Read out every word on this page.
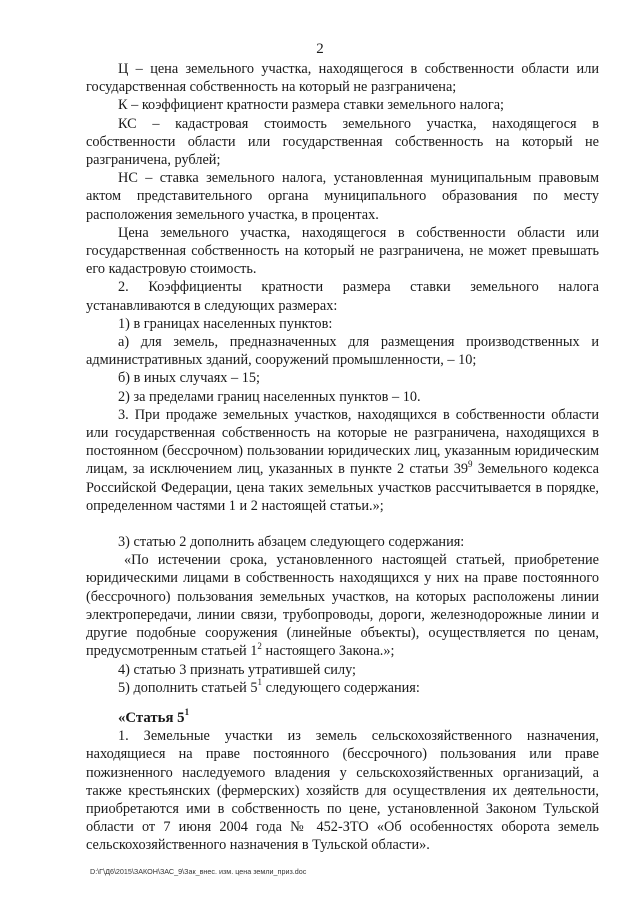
2

Ц – цена земельного участка, находящегося в собственности области или государственная собственность на который не разграничена;

К – коэффициент кратности размера ставки земельного налога;

КС – кадастровая стоимость земельного участка, находящегося в собственности области или государственная собственность на который не разграничена, рублей;

НС – ставка земельного налога, установленная муниципальным правовым актом представительного органа муниципального образования по месту расположения земельного участка, в процентах.

Цена земельного участка, находящегося в собственности области или государственная собственность на который не разграничена, не может превышать его кадастровую стоимость.

2. Коэффициенты кратности размера ставки земельного налога устанавливаются в следующих размерах:

1) в границах населенных пунктов:

а) для земель, предназначенных для размещения производственных и административных зданий, сооружений промышленности, – 10;

б) в иных случаях – 15;

2) за пределами границ населенных пунктов – 10.

3. При продаже земельных участков, находящихся в собственности области или государственная собственность на которые не разграничена, находящихся в постоянном (бессрочном) пользовании юридических лиц, указанным юридическим лицам, за исключением лиц, указанных в пункте 2 статьи $39^9$ Земельного кодекса Российской Федерации, цена таких земельных участков рассчитывается в порядке, определенном частями 1 и 2 настоящей статьи.»;

3) статью 2 дополнить абзацем следующего содержания:

«По истечении срока, установленного настоящей статьей, приобретение юридическими лицами в собственность находящихся у них на праве постоянного (бессрочного) пользования земельных участков, на которых расположены линии электропередачи, линии связи, трубопроводы, дороги, железнодорожные линии и другие подобные сооружения (линейные объекты), осуществляется по ценам, предусмотренным статьей $1^2$ настоящего Закона.»;

4) статью 3 признать утратившей силу;

5) дополнить статьей $5^1$ следующего содержания:

«Статья $5^1$

1. Земельные участки из земель сельскохозяйственного назначения, находящиеся на праве постоянного (бессрочного) пользования или праве пожизненного наследуемого владения у сельскохозяйственных организаций, а также крестьянских (фермерских) хозяйств для осуществления их деятельности, приобретаются ими в собственность по цене, установленной Законом Тульской области от 7 июня 2004 года № 452-ЗТО «Об особенностях оборота земель сельскохозяйственного назначения в Тульской области».

D:\Г\Д6\2015\ЗАКОН\ЗАС_9\Зак_внес. изм. цена земли_приз.doc
